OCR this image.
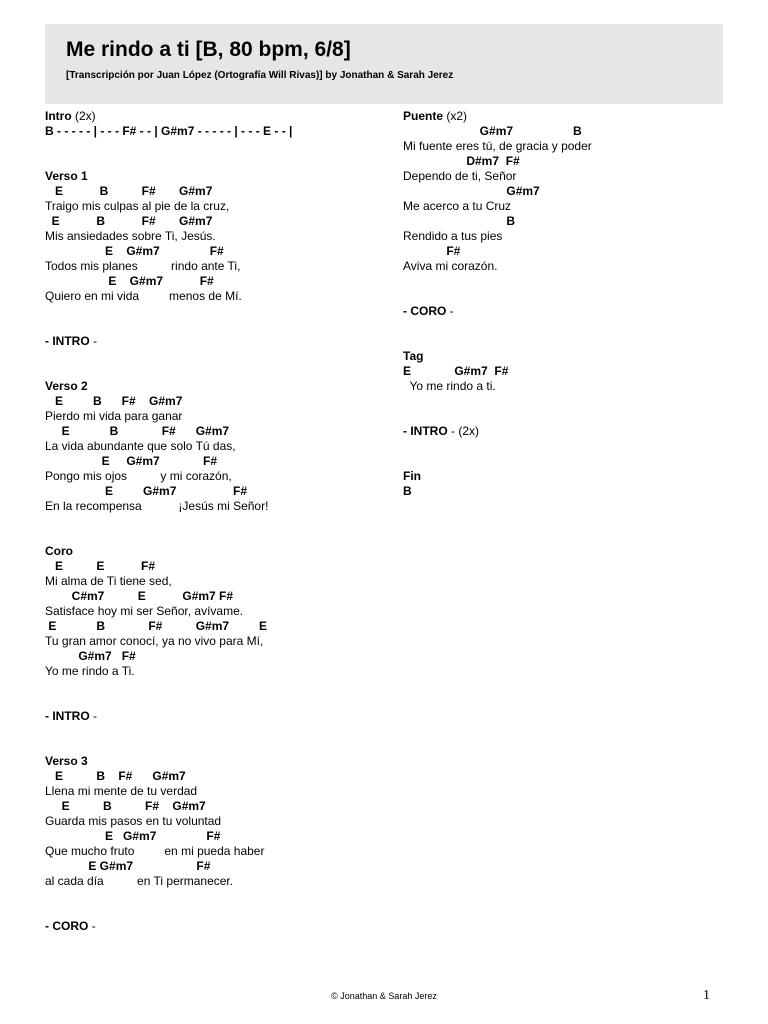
Me rindo a ti [B, 80 bpm, 6/8]
[Transcripción por Juan López (Ortografía Will Rivas)] by Jonathan & Sarah Jerez
Intro (2x)
B - - - - - | - - - F# - - | G#m7 - - - - - | - - - E - - |
Verso 1
E           B          F#       G#m7
Traigo mis culpas al pie de la cruz,
E           B           F#       G#m7
Mis ansiedades sobre Ti, Jesús.
E    G#m7               F#
Todos mis planes          rindo ante Ti,
E    G#m7           F#
Quiero en mi vida         menos de Mí.
- INTRO -
Verso 2
E         B      F#    G#m7
Pierdo mi vida para ganar
E            B             F#      G#m7
La vida abundante que solo Tú das,
E     G#m7             F#
Pongo mis ojos          y mi corazón,
E         G#m7                 F#
En la recompensa           ¡Jesús mi Señor!
Coro
E          E           F#
Mi alma de Ti tiene sed,
C#m7          E           G#m7 F#
Satisface hoy mi ser Señor, avívame.
E            B             F#          G#m7         E
Tu gran amor conocí, ya no vivo para Mí,
G#m7   F#
Yo me rindo a Ti.
- INTRO -
Verso 3
E          B    F#      G#m7
Llena mi mente de tu verdad
E          B          F#    G#m7
Guarda mis pasos en tu voluntad
E   G#m7               F#
Que mucho fruto         en mi pueda haber
E G#m7                   F#
al cada día          en Ti permanecer.
- CORO -
Puente (x2)
G#m7                  B
Mi fuente eres tú, de gracia y poder
D#m7  F#
Dependo de ti, Señor
G#m7
Me acerco a tu Cruz
B
Rendido a tus pies
F#
Aviva mi corazón.
- CORO -
Tag
E             G#m7  F#
Yo me rindo a ti.
- INTRO - (2x)
Fin
B
© Jonathan & Sarah Jerez	1
